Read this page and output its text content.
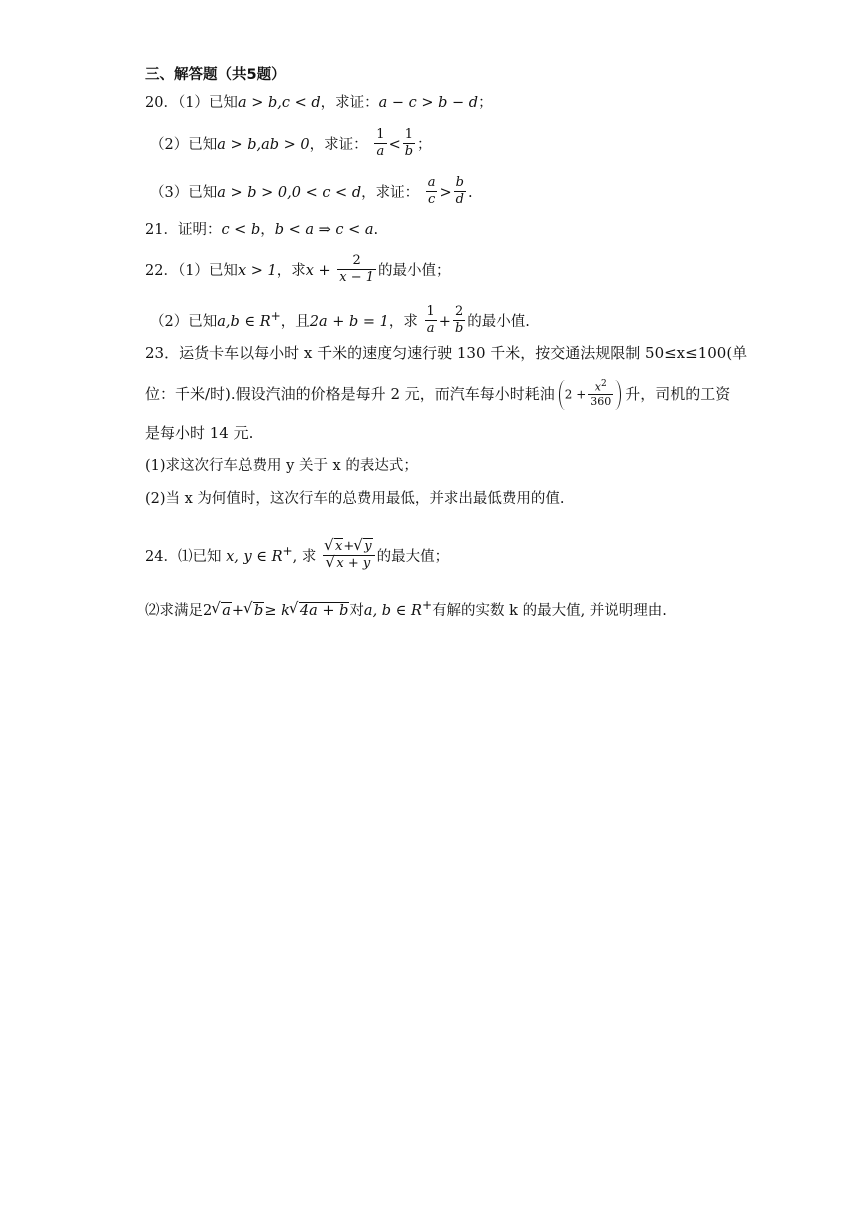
三、解答题（共5题）
20．（1）已知a > b,c < d，求证：a − c > b − d；
（2）已知a > b,ab > 0，求证： $\frac{1}{a} < \frac{1}{b}$ ；
（3）已知a > b > 0,0 < c < d，求证： $\frac{a}{c} > \frac{b}{d}$ .
21．证明：c < b，b < a ⇒ c < a.
22．（1）已知x > 1，求$x + \frac{2}{x - 1}$ 的最小值；
（2）已知a,b ∈ R+，且2a + b = 1，求 $\frac{1}{a} + \frac{2}{b}$ 的最小值.
23．运货卡车以每小时 x 千米的速度匀速行驶 130 千米，按交通法规限制 50≤x≤100(单
位：千米/时).假设汽油的价格是每升 2 元，而汽车每小时耗油 $2 + \frac{x^2}{360}$ 升，司机的工资
是每小时 14 元.
(1)求这次行车总费用 y 关于 x 的表达式；
(2)当 x 为何值时，这次行车的总费用最低，并求出最低费用的值.
24．⑴已知 x, y ∈ R+, 求 √ x+ √ y
√ x + y 的最大值；
⑵求满足2 √ a+ √ b≥ k √ 4a + b对a, b ∈ R+有解的实数 k 的最大值, 并说明理由.
